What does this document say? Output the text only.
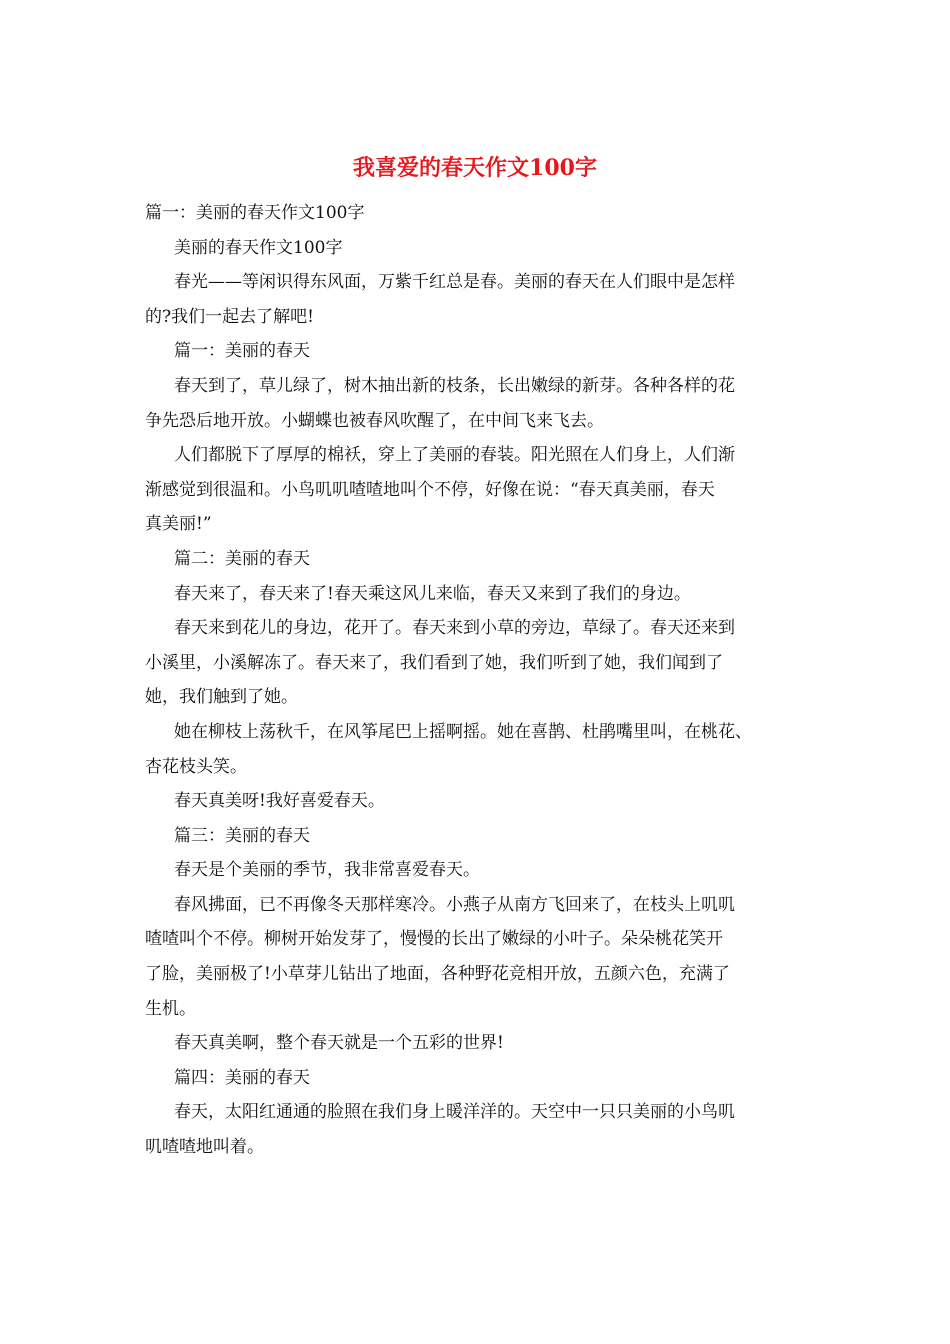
我喜爱的春天作文100字

篇一：美丽的春天作文100字

美丽的春天作文100字

春光——等闲识得东风面，万紫千红总是春。美丽的春天在人们眼中是怎样

的?我们一起去了解吧!

篇一：美丽的春天

春天到了，草儿绿了，树木抽出新的枝条，长出嫩绿的新芽。各种各样的花

争先恐后地开放。小蝴蝶也被春风吹醒了，在中间飞来飞去。

人们都脱下了厚厚的棉袄，穿上了美丽的春装。阳光照在人们身上，人们渐

渐感觉到很温和。小鸟叽叽喳喳地叫个不停，好像在说：“春天真美丽，春天

真美丽!”

篇二：美丽的春天

春天来了，春天来了!春天乘这风儿来临，春天又来到了我们的身边。

春天来到花儿的身边，花开了。春天来到小草的旁边，草绿了。春天还来到

小溪里，小溪解冻了。春天来了，我们看到了她，我们听到了她，我们闻到了

她，我们触到了她。

她在柳枝上荡秋千，在风筝尾巴上摇啊摇。她在喜鹊、杜鹃嘴里叫，在桃花、

杏花枝头笑。

春天真美呀!我好喜爱春天。

篇三：美丽的春天

春天是个美丽的季节，我非常喜爱春天。

春风拂面，已不再像冬天那样寒冷。小燕子从南方飞回来了，在枝头上叽叽

喳喳叫个不停。柳树开始发芽了，慢慢的长出了嫩绿的小叶子。朵朵桃花笑开

了脸，美丽极了!小草芽儿钻出了地面，各种野花竞相开放，五颜六色，充满了

生机。

春天真美啊，整个春天就是一个五彩的世界!

篇四：美丽的春天

春天，太阳红通通的脸照在我们身上暖洋洋的。天空中一只只美丽的小鸟叽

叽喳喳地叫着。
